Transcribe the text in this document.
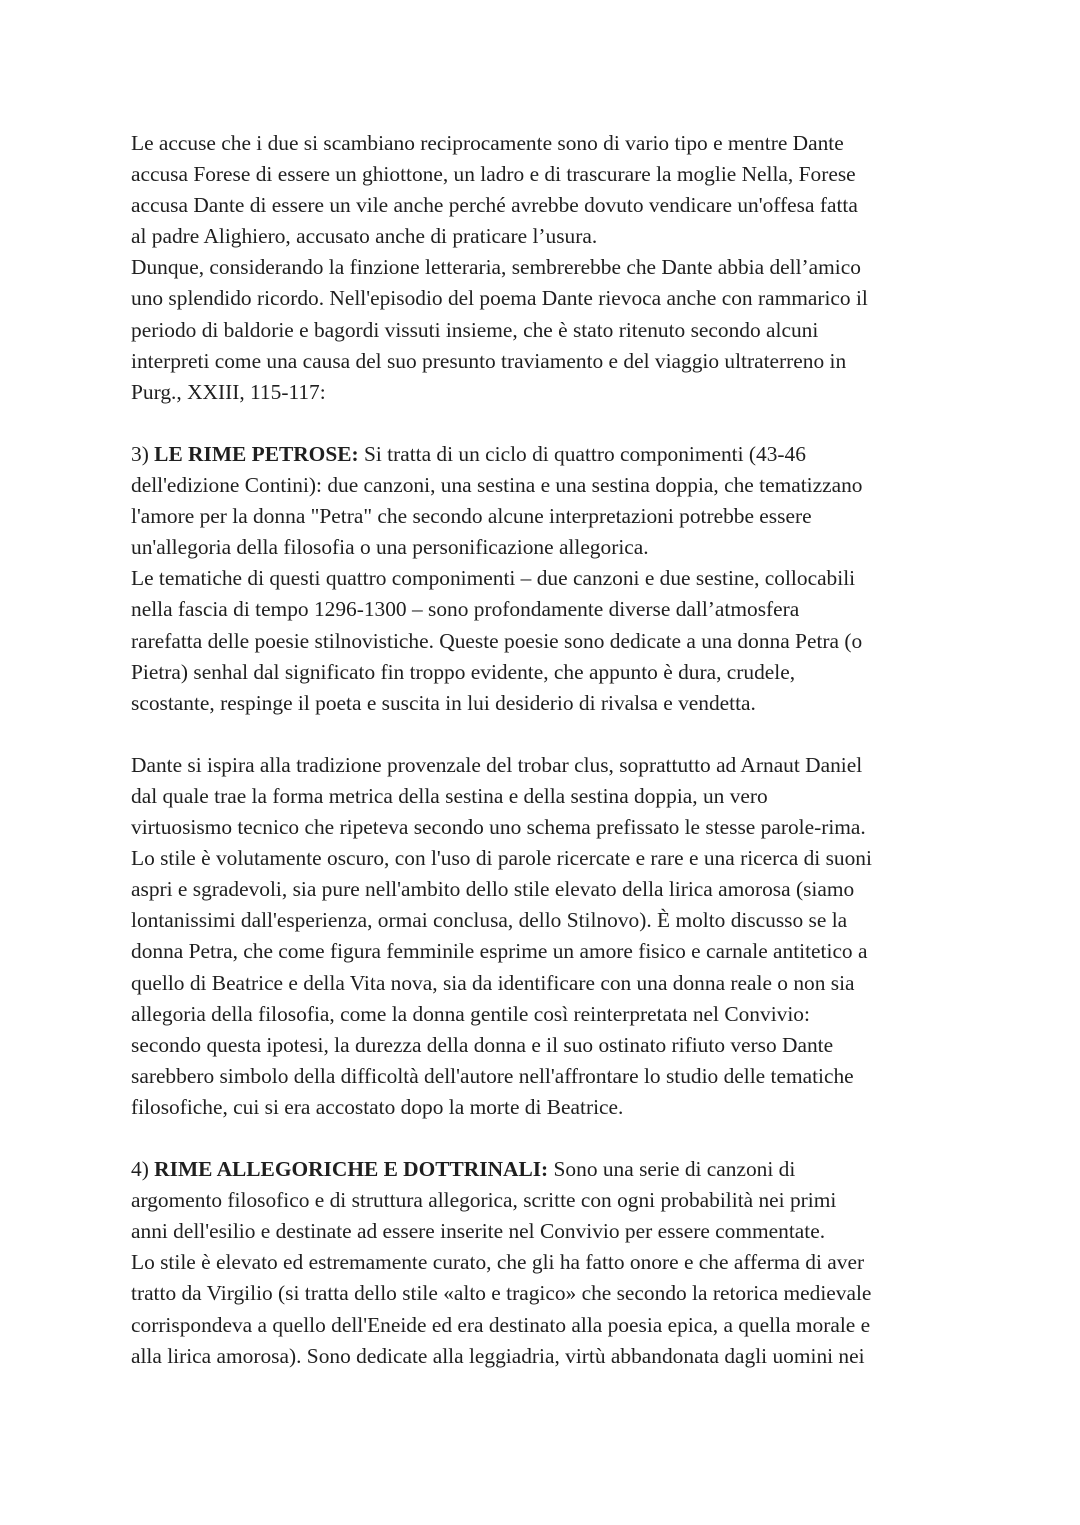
Le accuse che i due si scambiano reciprocamente sono di vario tipo e mentre Dante
accusa Forese di essere un ghiottone, un ladro e di trascurare la moglie Nella, Forese
accusa Dante di essere un vile anche perché avrebbe dovuto vendicare un'offesa fatta
al padre Alighiero, accusato anche di praticare l’usura.
Dunque, considerando la finzione letteraria, sembrerebbe che Dante abbia dell’amico
uno splendido ricordo. Nell'episodio del poema Dante rievoca anche con rammarico il
periodo di baldorie e bagordi vissuti insieme, che è stato ritenuto secondo alcuni
interpreti come una causa del suo presunto traviamento e del viaggio ultraterreno in
Purg., XXIII, 115-117:
3) LE RIME PETROSE: Si tratta di un ciclo di quattro componimenti (43-46
dell'edizione Contini): due canzoni, una sestina e una sestina doppia, che tematizzano
l'amore per la donna "Petra" che secondo alcune interpretazioni potrebbe essere
un'allegoria della filosofia o una personificazione allegorica.
Le tematiche di questi quattro componimenti – due canzoni e due sestine, collocabili
nella fascia di tempo 1296-1300 – sono profondamente diverse dall’atmosfera
rarefatta delle poesie stilnovistiche. Queste poesie sono dedicate a una donna Petra (o
Pietra) senhal dal significato fin troppo evidente, che appunto è dura, crudele,
scostante, respinge il poeta e suscita in lui desiderio di rivalsa e vendetta.
Dante si ispira alla tradizione provenzale del trobar clus, soprattutto ad Arnaut Daniel
dal quale trae la forma metrica della sestina e della sestina doppia, un vero
virtuosismo tecnico che ripeteva secondo uno schema prefissato le stesse parole-rima.
Lo stile è volutamente oscuro, con l'uso di parole ricercate e rare e una ricerca di suoni
aspri e sgradevoli, sia pure nell'ambito dello stile elevato della lirica amorosa (siamo
lontanissimi dall'esperienza, ormai conclusa, dello Stilnovo). È molto discusso se la
donna Petra, che come figura femminile esprime un amore fisico e carnale antitetico a
quello di Beatrice e della Vita nova, sia da identificare con una donna reale o non sia
allegoria della filosofia, come la donna gentile così reinterpretata nel Convivio:
secondo questa ipotesi, la durezza della donna e il suo ostinato rifiuto verso Dante
sarebbero simbolo della difficoltà dell'autore nell'affrontare lo studio delle tematiche
filosofiche, cui si era accostato dopo la morte di Beatrice.
4) RIME ALLEGORICHE E DOTTRINALI: Sono una serie di canzoni di
argomento filosofico e di struttura allegorica, scritte con ogni probabilità nei primi
anni dell'esilio e destinate ad essere inserite nel Convivio per essere commentate.
Lo stile è elevato ed estremamente curato, che gli ha fatto onore e che afferma di aver
tratto da Virgilio (si tratta dello stile «alto e tragico» che secondo la retorica medievale
corrispondeva a quello dell'Eneide ed era destinato alla poesia epica, a quella morale e
alla lirica amorosa). Sono dedicate alla leggiadria, virtù abbandonata dagli uomini nei
